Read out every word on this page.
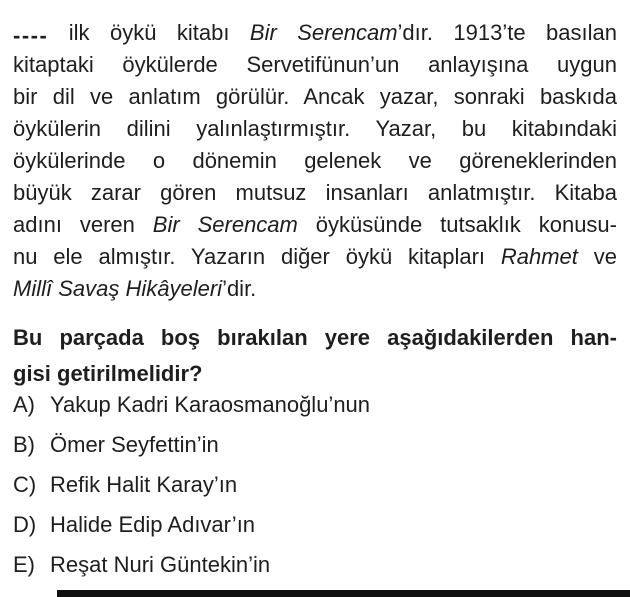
---- ilk öykü kitabı Bir Serencam’dır. 1913’te basılan
kitaptaki öykülerde Servetifünun’un anlayışına uygun
bir dil ve anlatım görülür. Ancak yazar, sonraki baskıda
öykülerin dilini yalınlaştırmıştır. Yazar, bu kitabındaki
öykülerinde o dönemin gelenek ve göreneklerinden
büyük zarar gören mutsuz insanları anlatmıştır. Kitaba
adını veren Bir Serencam öyküsünde tutsaklık konusu-
nu ele almıştır. Yazarın diğer öykü kitapları Rahmet ve
Millî Savaş Hikâyeleri’dir.
Bu parçada boş bırakılan yere aşağıdakilerden han-
gisi getirilmelidir?
A) Yakup Kadri Karaosmanoğlu’nun
B) Ömer Seyfettin’in
C) Refik Halit Karay’ın
D) Halide Edip Adıvar’ın
E) Reşat Nuri Güntekin’in
